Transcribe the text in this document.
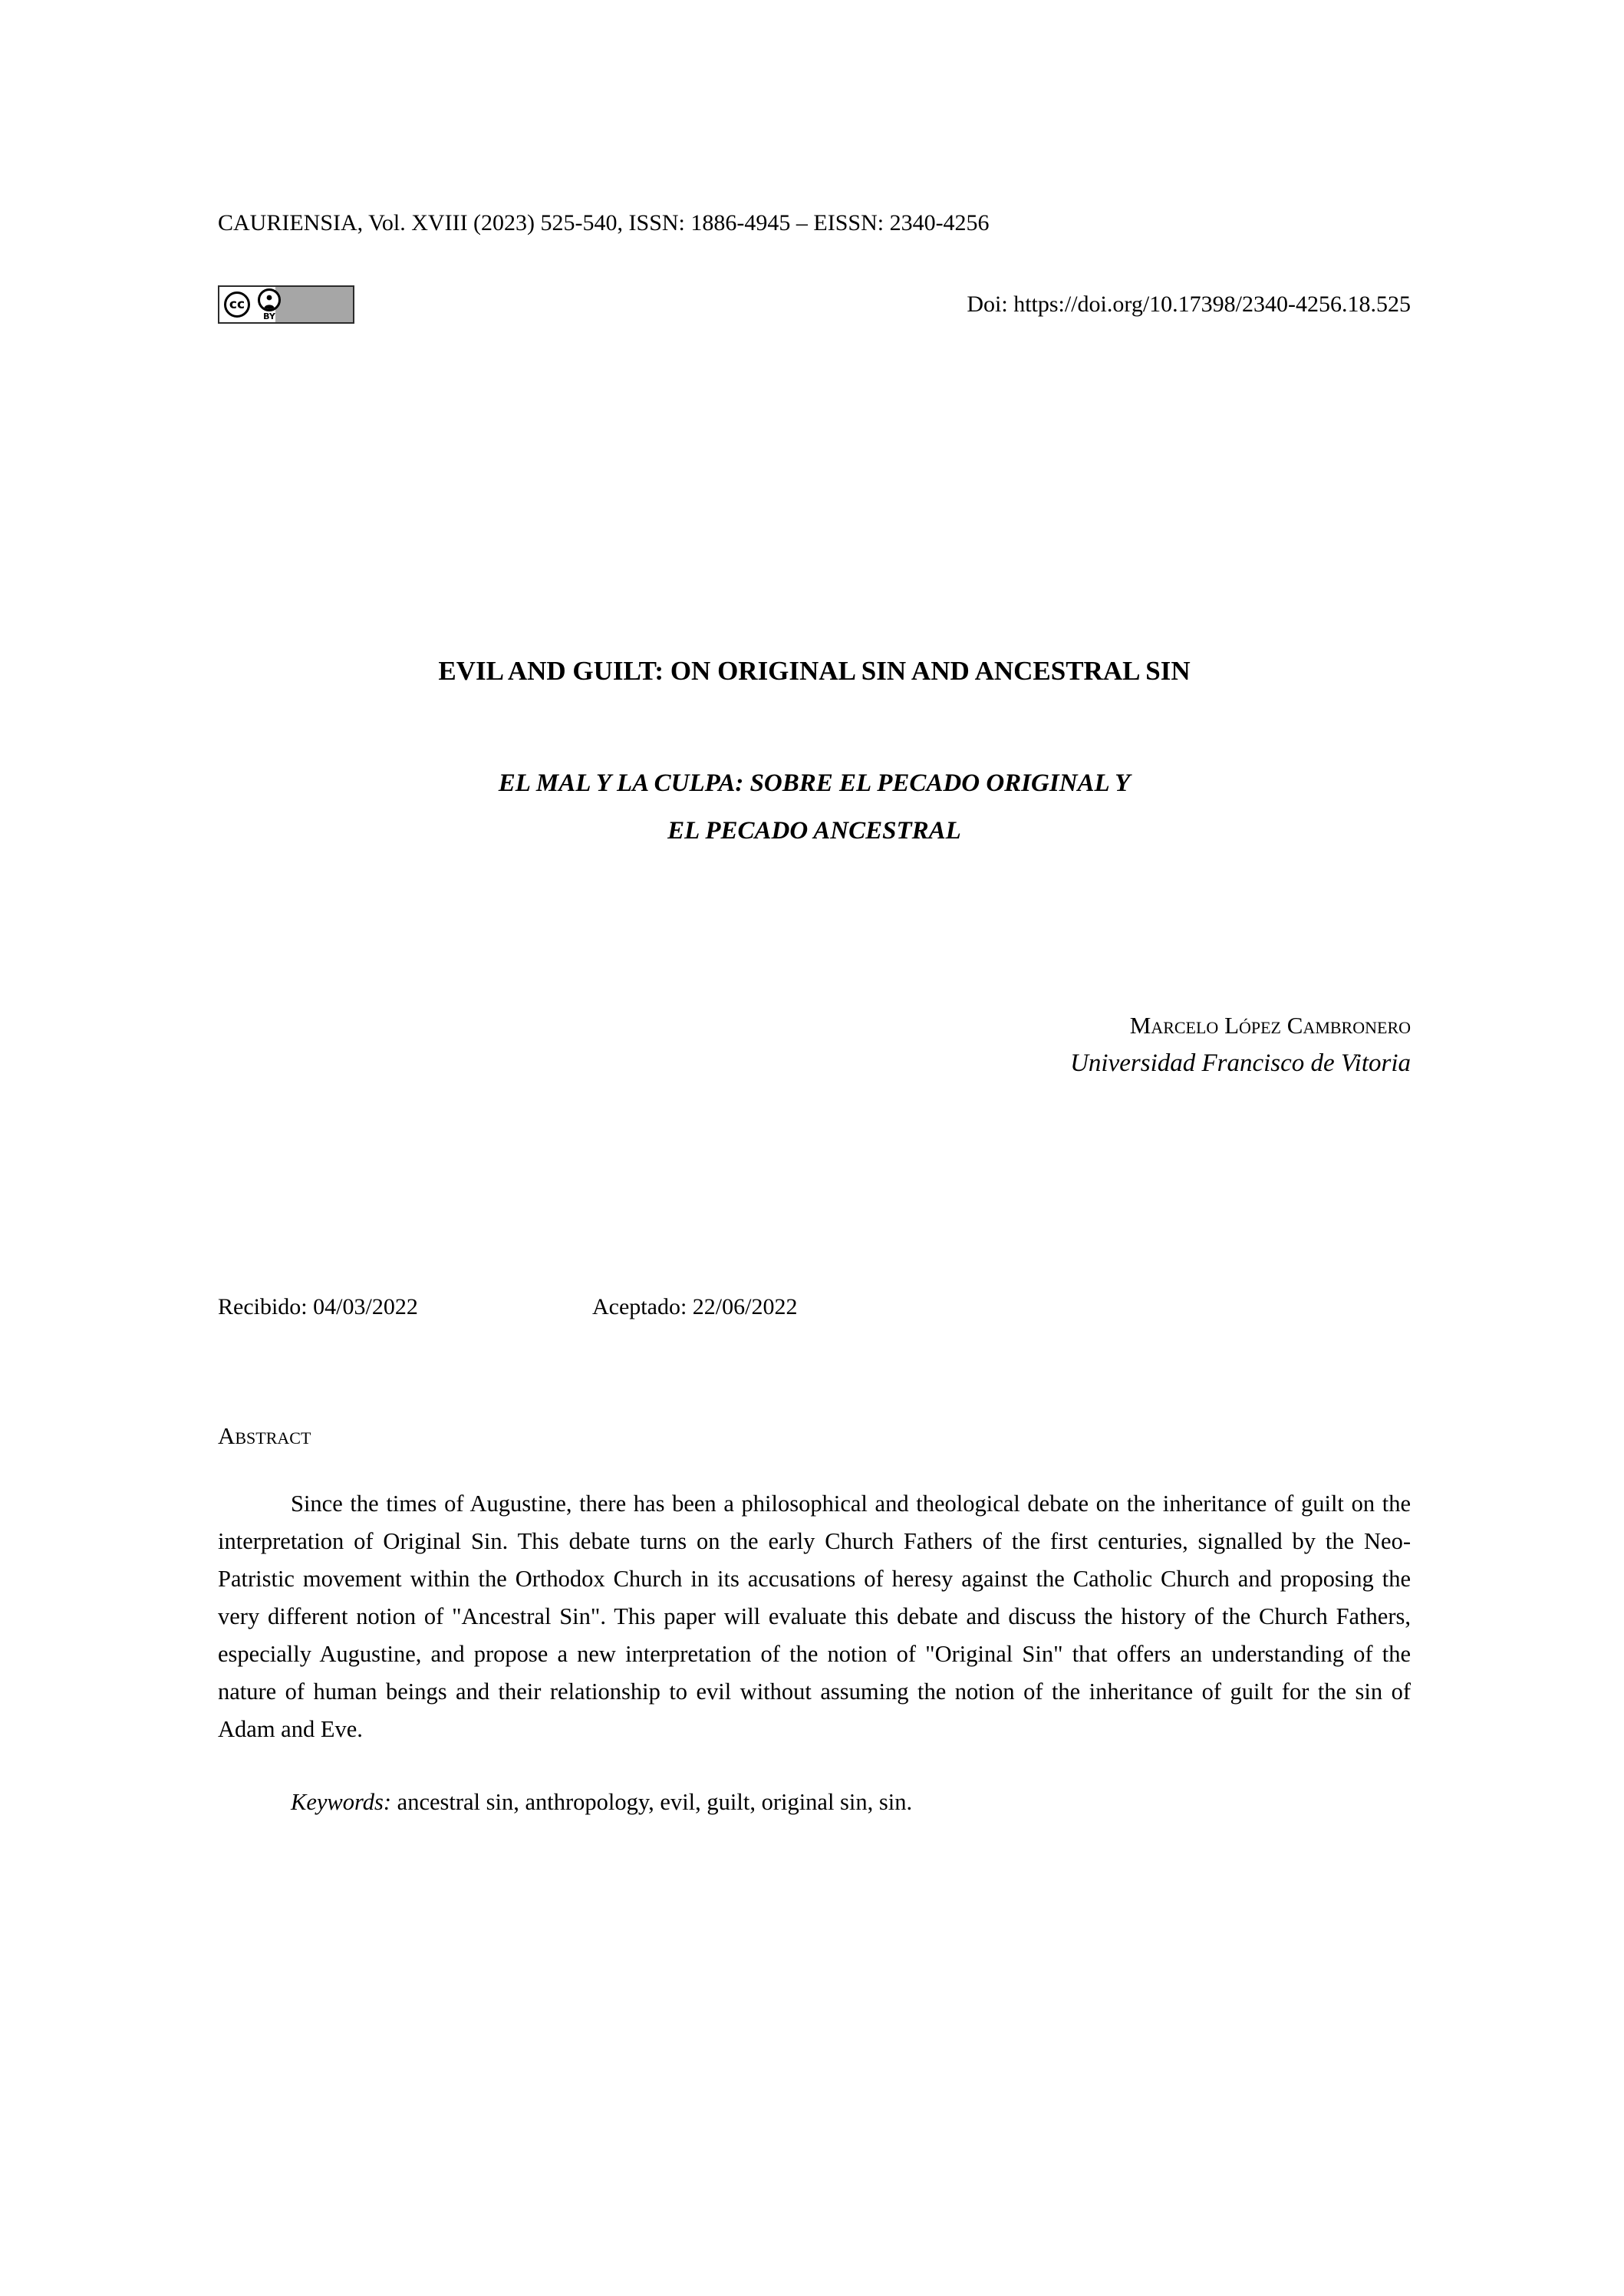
CAURIENSIA, Vol. XVIII (2023) 525-540, ISSN: 1886-4945 – EISSN: 2340-4256
cc
BY	Doi: https://doi.org/10.17398/2340-4256.18.525
EVIL AND GUILT: ON ORIGINAL SIN AND ANCESTRAL SIN
EL MAL Y LA CULPA: SOBRE EL PECADO ORIGINAL Y
EL PECADO ANCESTRAL
Marcelo López Cambronero
Universidad Francisco de Vitoria
Recibido: 04/03/2022	Aceptado: 22/06/2022
Abstract
Since the times of Augustine, there has been a philosophical and theological debate on the inheritance of guilt on the interpretation of Original Sin. This debate turns on the early Church Fathers of the first centuries, signalled by the Neo-Patristic movement within the Orthodox Church in its accusations of heresy against the Catholic Church and proposing the very different notion of "Ancestral Sin". This paper will evaluate this debate and discuss the history of the Church Fathers, especially Augustine, and propose a new interpretation of the notion of "Original Sin" that offers an understanding of the nature of human beings and their relationship to evil without assuming the notion of the inheritance of guilt for the sin of Adam and Eve.
Keywords: ancestral sin, anthropology, evil, guilt, original sin, sin.
